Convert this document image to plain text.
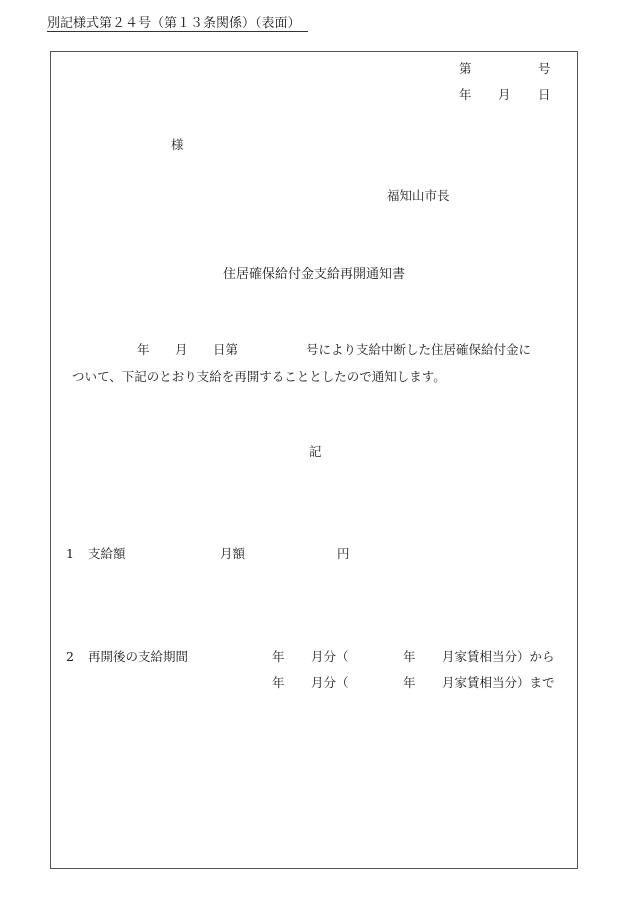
別記様式第２４号（第１３条関係）（表面）
第	号
年 月 日
様
福知山市長
住居確保給付金支給再開通知書
年 月 日第	号により支給中断した住居確保給付金に
ついて、下記のとおり支給を再開することとしたので通知します。
記
1 支給額	月額	円
2 再開後の支給期間	年 月分（	年 月家賃相当分）から
年 月分（	年 月家賃相当分）まで
